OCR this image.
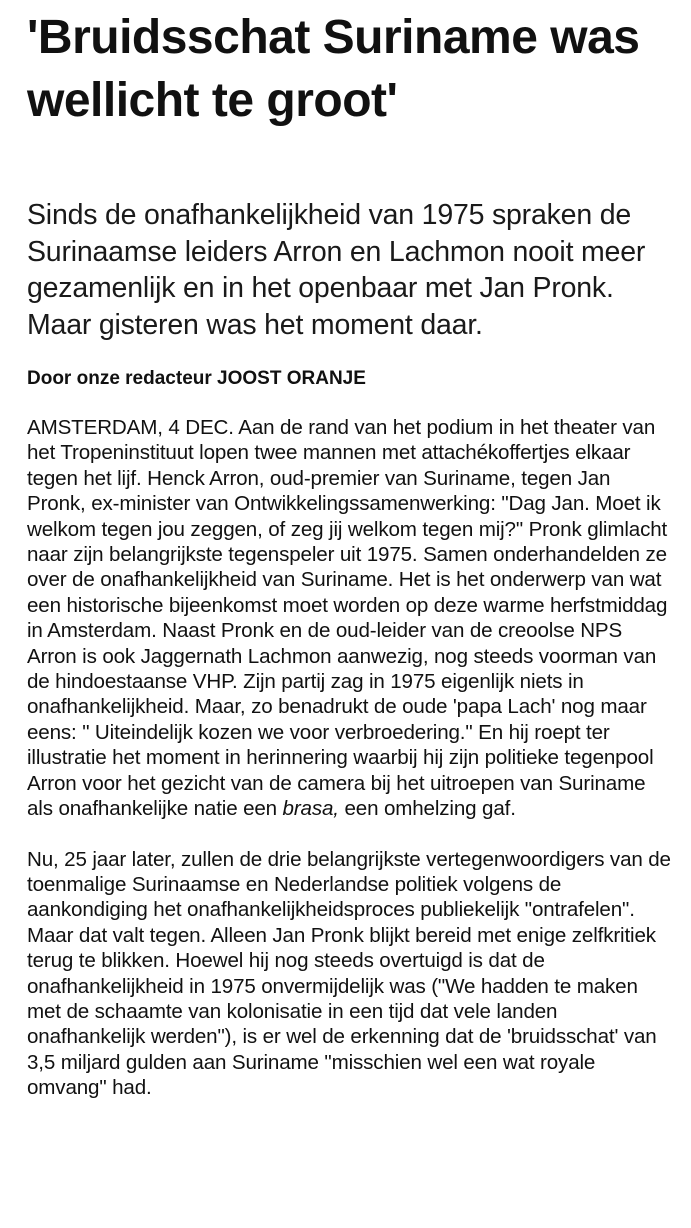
'Bruidsschat Suriname was wellicht te groot'

Sinds de onafhankelijkheid van 1975 spraken de Surinaamse leiders Arron en Lachmon nooit meer gezamenlijk en in het openbaar met Jan Pronk. Maar gisteren was het moment daar.

Door onze redacteur JOOST ORANJE

AMSTERDAM, 4 DEC. Aan de rand van het podium in het theater van het Tropeninstituut lopen twee mannen met attachékoffertjes elkaar tegen het lijf. Henck Arron, oud-premier van Suriname, tegen Jan Pronk, ex-minister van Ontwikkelingssamenwerking: "Dag Jan. Moet ik welkom tegen jou zeggen, of zeg jij welkom tegen mij?" Pronk glimlacht naar zijn belangrijkste tegenspeler uit 1975. Samen onderhandelden ze over de onafhankelijkheid van Suriname. Het is het onderwerp van wat een historische bijeenkomst moet worden op deze warme herfstmiddag in Amsterdam. Naast Pronk en de oud-leider van de creoolse NPS Arron is ook Jaggernath Lachmon aanwezig, nog steeds voorman van de hindoestaanse VHP. Zijn partij zag in 1975 eigenlijk niets in onafhankelijkheid. Maar, zo benadrukt de oude 'papa Lach' nog maar eens: " Uiteindelijk kozen we voor verbroedering." En hij roept ter illustratie het moment in herinnering waarbij hij zijn politieke tegenpool Arron voor het gezicht van de camera bij het uitroepen van Suriname als onafhankelijke natie een brasa, een omhelzing gaf.

Nu, 25 jaar later, zullen de drie belangrijkste vertegenwoordigers van de toenmalige Surinaamse en Nederlandse politiek volgens de aankondiging het onafhankelijkheidsproces publiekelijk "ontrafelen". Maar dat valt tegen. Alleen Jan Pronk blijkt bereid met enige zelfkritiek terug te blikken. Hoewel hij nog steeds overtuigd is dat de onafhankelijkheid in 1975 onvermijdelijk was ("We hadden te maken met de schaamte van kolonisatie in een tijd dat vele landen onafhankelijk werden"), is er wel de erkenning dat de 'bruidsschat' van 3,5 miljard gulden aan Suriname "misschien wel een wat royale omvang" had.
